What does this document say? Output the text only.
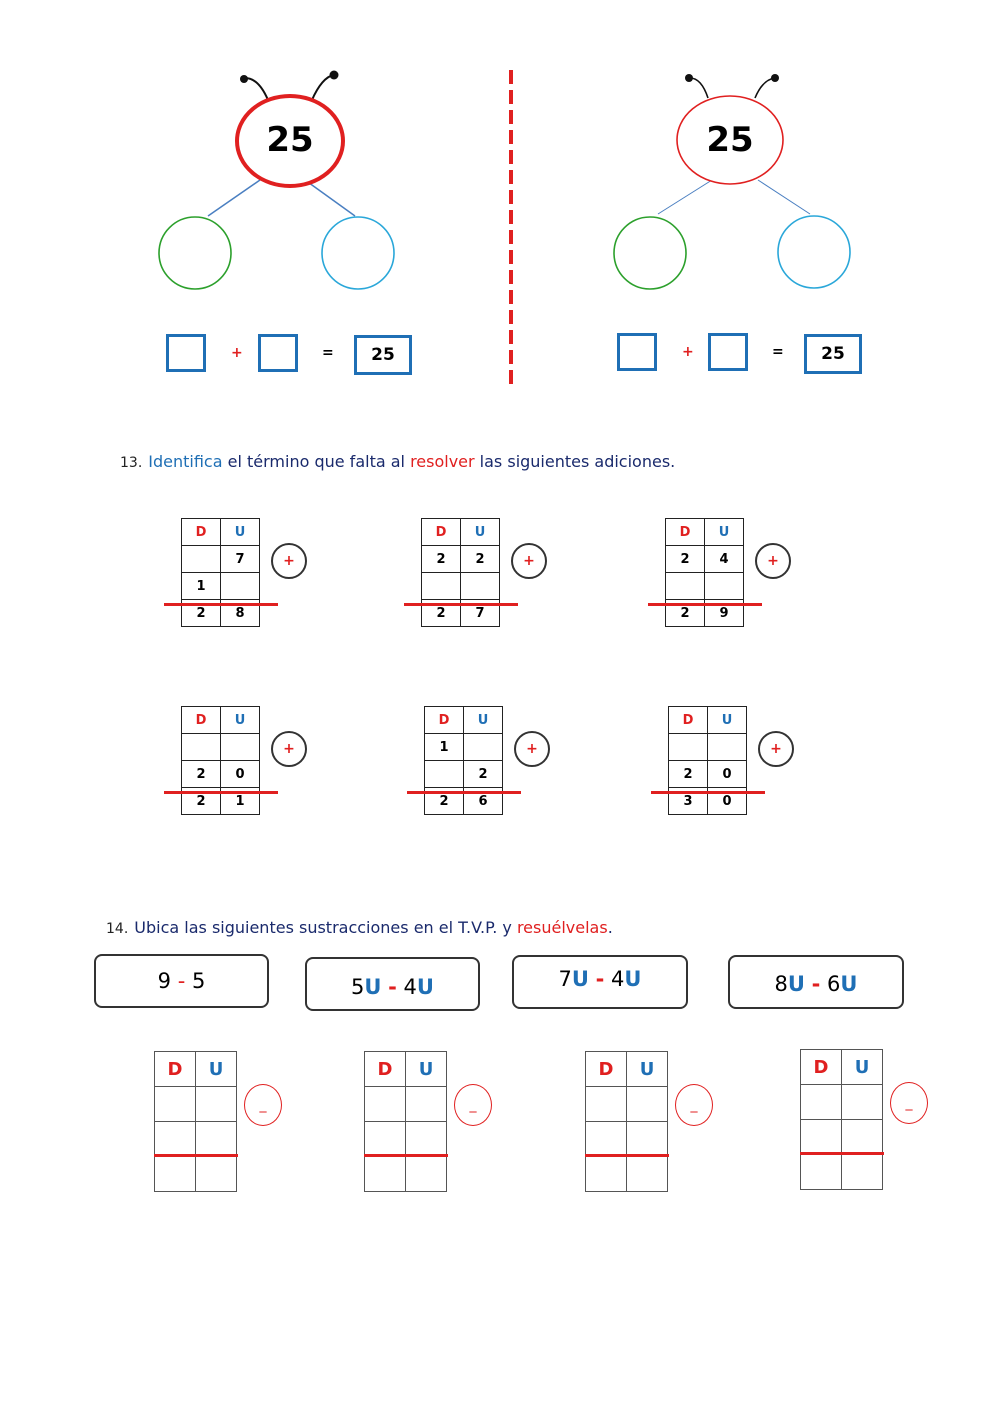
25
+	=	25
25
+	=	25
13. Identifica el término que falta al resolver las siguientes adiciones.
D	U
	7
1	
2	8
+
D	U
2	2

2	7
+
D	U
2	4

2	9
+
D	U

2	0
2	1
+
D	U
1	
	2
2	6
+
D	U

2	0
3	0
+
14. Ubica las siguientes sustracciones en el T.V.P. y resuélvelas.
9
-
5	5 U
-
4 U	7 U
-
4 U	8 U
-
6 U
D	U

_
D	U

_
D	U

_
D	U

_
